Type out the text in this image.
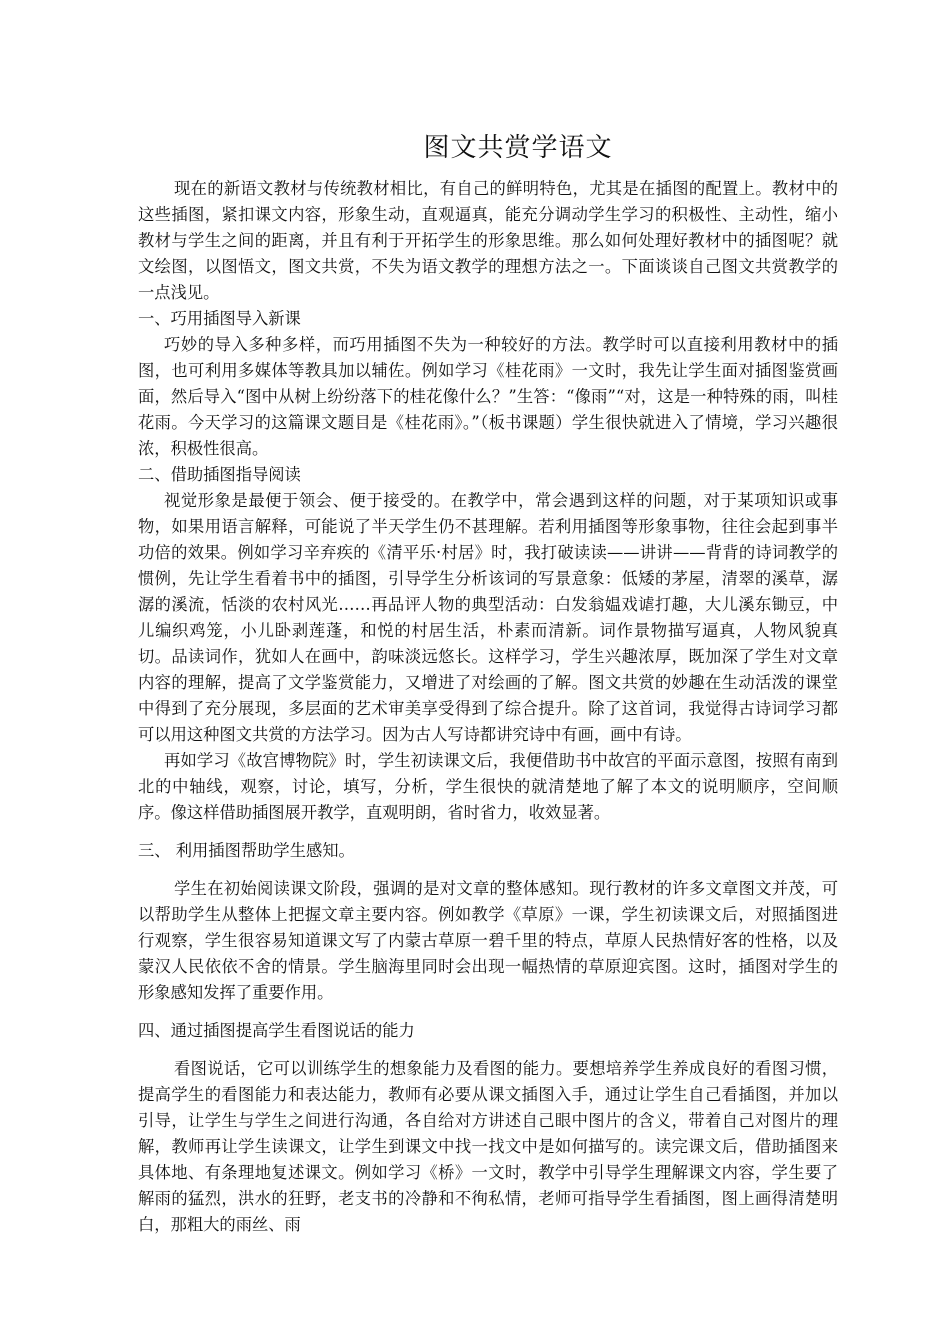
图文共赏学语文

现在的新语文教材与传统教材相比，有自己的鲜明特色，尤其是在插图的配置上。教材中的这些插图，紧扣课文内容，形象生动，直观逼真，能充分调动学生学习的积极性、主动性，缩小教材与学生之间的距离，并且有利于开拓学生的形象思维。那么如何处理好教材中的插图呢？就文绘图，以图悟文，图文共赏，不失为语文教学的理想方法之一。下面谈谈自己图文共赏教学的一点浅见。

一、巧用插图导入新课

巧妙的导入多种多样，而巧用插图不失为一种较好的方法。教学时可以直接利用教材中的插图，也可利用多媒体等教具加以辅佐。例如学习《桂花雨》一文时，我先让学生面对插图鉴赏画面，然后导入“图中从树上纷纷落下的桂花像什么？”生答：“像雨”“对，这是一种特殊的雨，叫桂花雨。今天学习的这篇课文题目是《桂花雨》。”（板书课题）学生很快就进入了情境，学习兴趣很浓，积极性很高。

二、借助插图指导阅读

视觉形象是最便于领会、便于接受的。在教学中，常会遇到这样的问题，对于某项知识或事物，如果用语言解释，可能说了半天学生仍不甚理解。若利用插图等形象事物，往往会起到事半功倍的效果。例如学习辛弃疾的《清平乐·村居》时，我打破读读——讲讲——背背的诗词教学的惯例，先让学生看着书中的插图，引导学生分析该词的写景意象：低矮的茅屋，清翠的溪草，潺潺的溪流，恬淡的农村风光……再品评人物的典型活动：白发翁媪戏谑打趣，大儿溪东锄豆，中儿编织鸡笼，小儿卧剥莲蓬，和悦的村居生活，朴素而清新。词作景物描写逼真，人物风貌真切。品读词作，犹如人在画中，韵味淡远悠长。这样学习，学生兴趣浓厚，既加深了学生对文章内容的理解，提高了文学鉴赏能力，又增进了对绘画的了解。图文共赏的妙趣在生动活泼的课堂中得到了充分展现，多层面的艺术审美享受得到了综合提升。除了这首词，我觉得古诗词学习都可以用这种图文共赏的方法学习。因为古人写诗都讲究诗中有画，画中有诗。

再如学习《故宫博物院》时，学生初读课文后，我便借助书中故宫的平面示意图，按照有南到北的中轴线，观察，讨论，填写，分析，学生很快的就清楚地了解了本文的说明顺序，空间顺序。像这样借助插图展开教学，直观明朗，省时省力，收效显著。

三、 利用插图帮助学生感知。

学生在初始阅读课文阶段，强调的是对文章的整体感知。现行教材的许多文章图文并茂，可以帮助学生从整体上把握文章主要内容。例如教学《草原》一课，学生初读课文后，对照插图进行观察，学生很容易知道课文写了内蒙古草原一碧千里的特点，草原人民热情好客的性格，以及蒙汉人民依依不舍的情景。学生脑海里同时会出现一幅热情的草原迎宾图。这时，插图对学生的形象感知发挥了重要作用。

四、通过插图提高学生看图说话的能力

看图说话，它可以训练学生的想象能力及看图的能力。要想培养学生养成良好的看图习惯，提高学生的看图能力和表达能力，教师有必要从课文插图入手，通过让学生自己看插图，并加以引导，让学生与学生之间进行沟通，各自给对方讲述自己眼中图片的含义，带着自己对图片的理解，教师再让学生读课文，让学生到课文中找一找文中是如何描写的。读完课文后，借助插图来具体地、有条理地复述课文。例如学习《桥》一文时，教学中引导学生理解课文内容，学生要了解雨的猛烈，洪水的狂野，老支书的冷静和不徇私情，老师可指导学生看插图，图上画得清楚明白，那粗大的雨丝、雨
